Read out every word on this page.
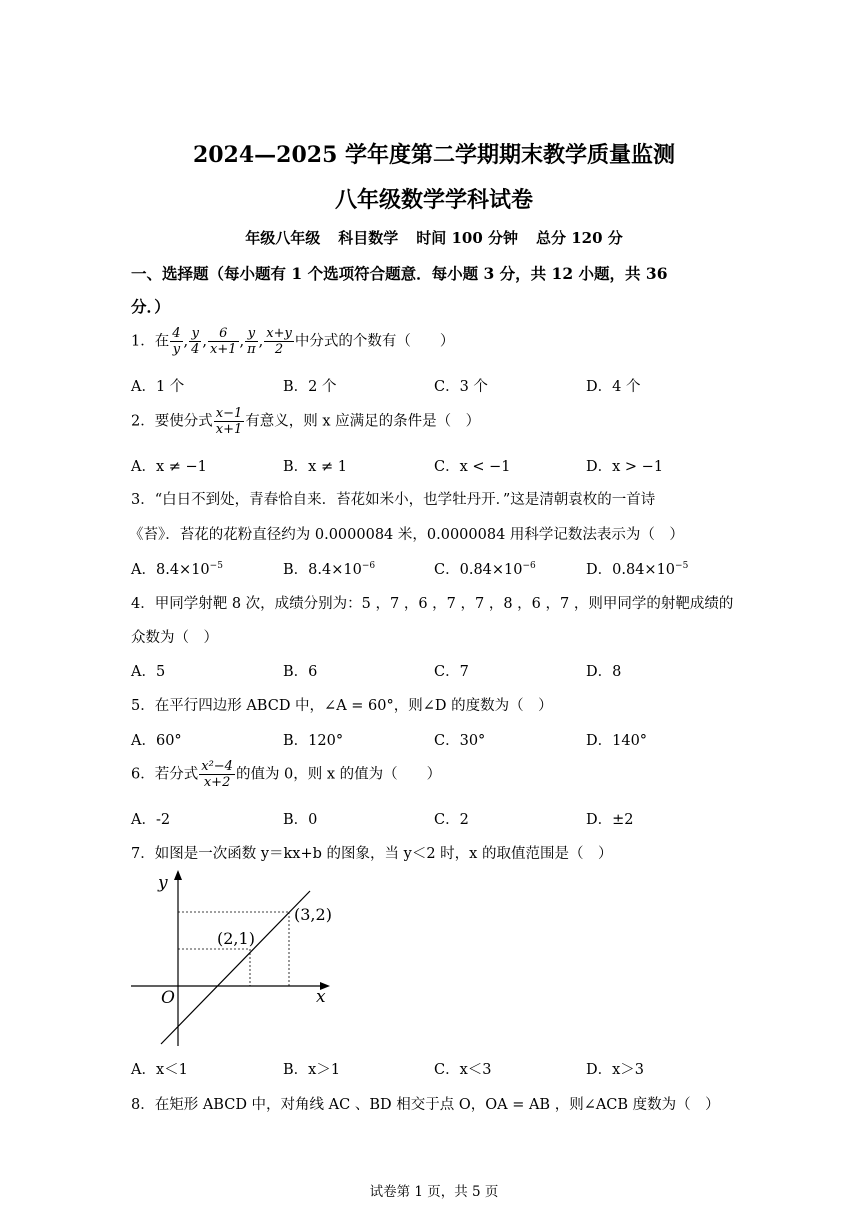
2024—2025 学年度第二学期期末教学质量监测
八年级数学学科试卷
年级八年级 科目数学 时间 100 分钟 总分 120 分
一、选择题（每小题有 1 个选项符合题意．每小题 3 分，共 12 小题，共 36
分．）
1．在 $\frac{4}{y}$ , $\frac{y}{4}$ , $\frac{6}{x+1}$ , $\frac{y}{\pi}$ , $\frac{x+y}{2}$ 中分式的个数有（　　）
A．1 个	B．2 个	C．3 个	D．4 个
2．要使分式 $\frac{x-1}{x+1}$ 有意义，则 x 应满足的条件是（　）
A．x ≠ −1	B．x ≠ 1	C．x < −1	D．x > −1
3．“白日不到处，青春恰自来．苔花如米小，也学牡丹开．”这是清朝袁枚的一首诗
《苔》．苔花的花粉直径约为 0.0000084 米，0.0000084 用科学记数法表示为（　）
A．$8.4\times 10^{-5}$	B．$8.4\times 10^{-6}$	C．$0.84\times 10^{-6}$	D．$0.84\times 10^{-5}$
4．甲同学射靶 8 次，成绩分别为：5 ，7 ，6 ，7 ，7 ，8 ，6 ，7 ，则甲同学的射靶成绩的
众数为（　）
A．5	B．6	C．7	D．8
5．在平行四边形 ABCD 中，∠A = 60°，则∠D 的度数为（　）
A．60°	B．120°	C．30°	D．140°
6．若分式 $\frac{\text{x²−4}}{x+2}$ 的值为 0，则 x 的值为（　　）
A．-2	B．0	C．2	D．±2
7．如图是一次函数 y＝kx+b 的图象，当 y＜2 时，x 的取值范围是（　）
y
x
O
(2,1)
(3,2)
A．x＜1	B．x＞1	C．x＜3	D．x＞3
8．在矩形 ABCD 中，对角线 AC 、BD 相交于点 O，OA = AB ，则∠ACB 度数为（　）
试卷第 1 页，共 5 页
